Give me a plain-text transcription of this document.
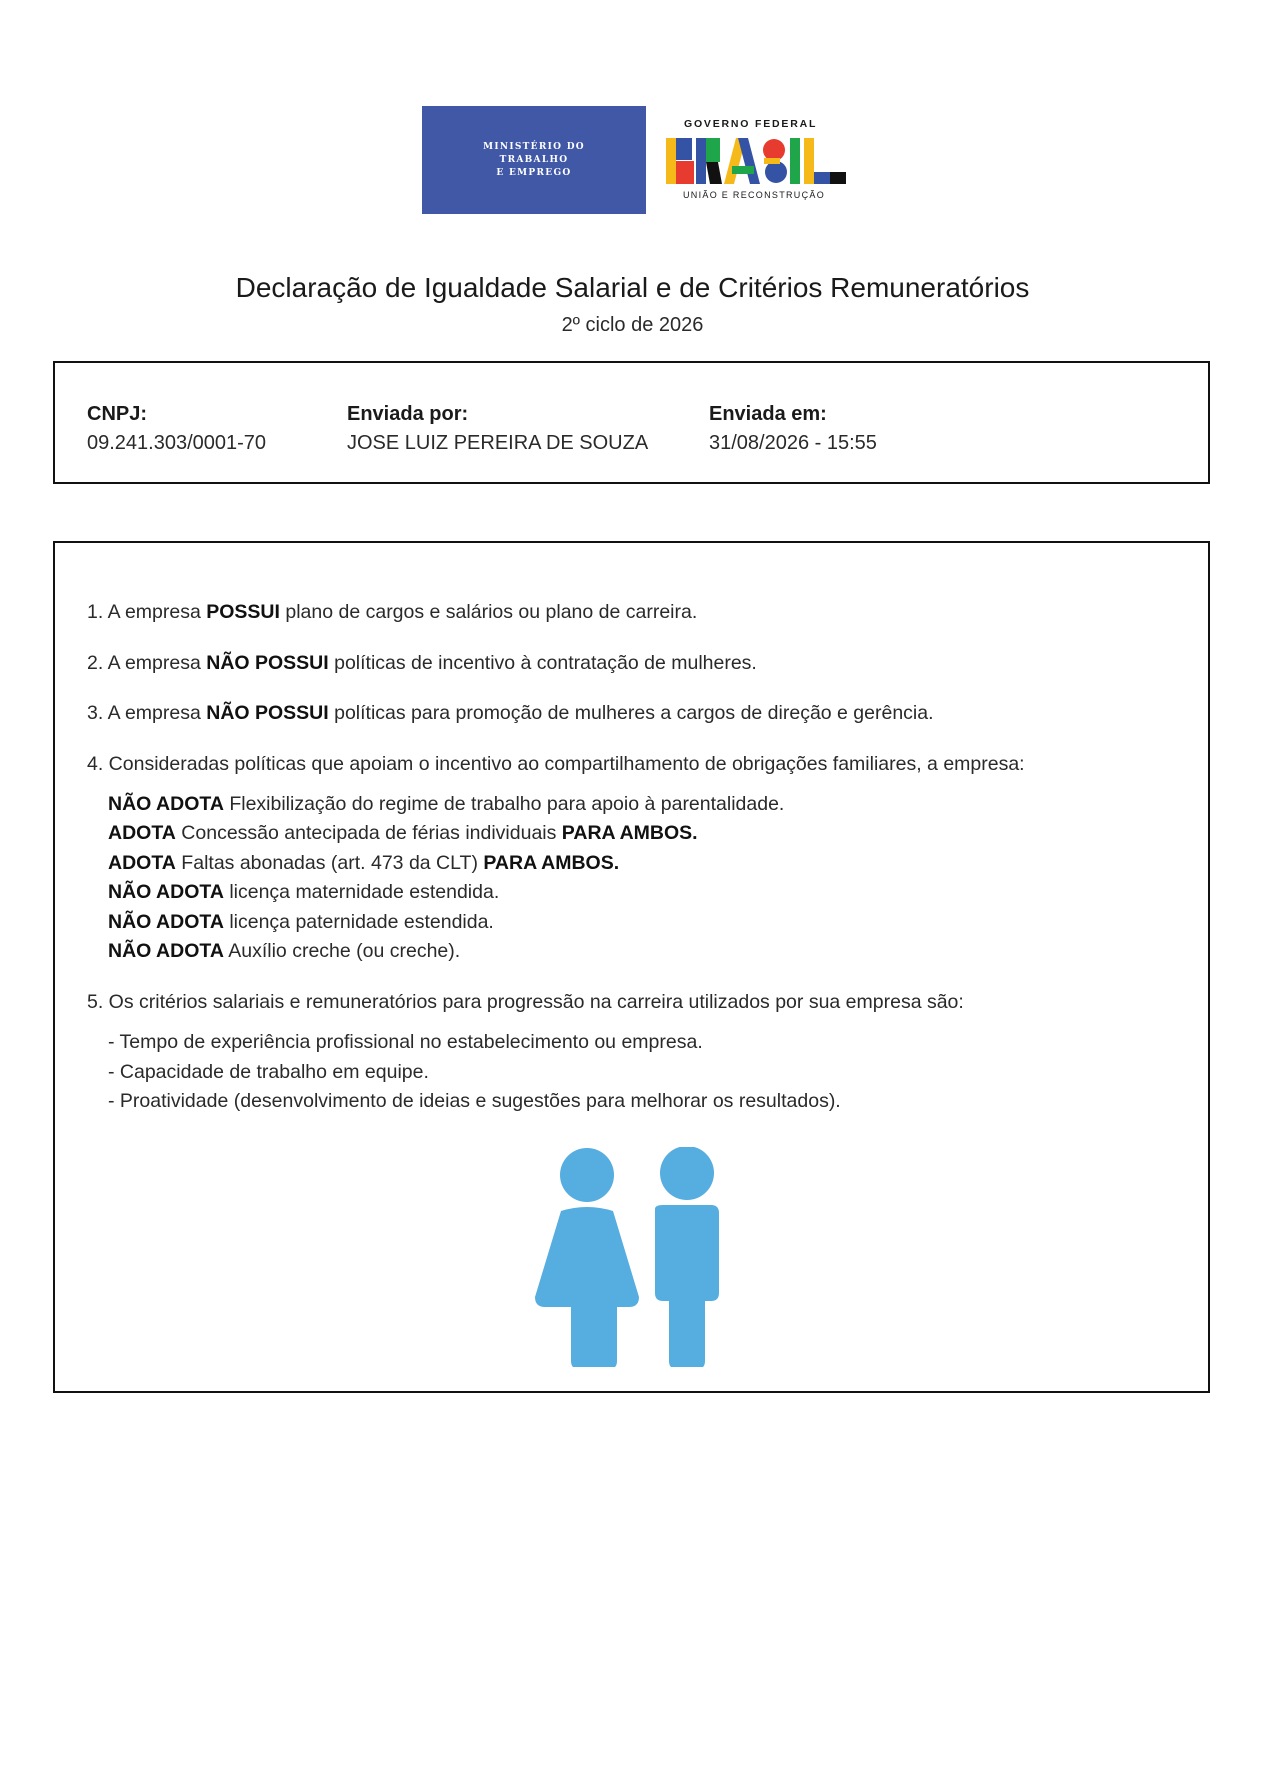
MINISTÉRIO DO
TRABALHO
E EMPREGO
GOVERNO FEDERAL
UNIÃO E RECONSTRUÇÃO
Declaração de Igualdade Salarial e de Critérios Remuneratórios
2º ciclo de 2026
CNPJ:
09.241.303/0001-70
Enviada por:
JOSE LUIZ PEREIRA DE SOUZA
Enviada em:
31/08/2026 - 15:55
1. A empresa POSSUI plano de cargos e salários ou plano de carreira.
2. A empresa NÃO POSSUI políticas de incentivo à contratação de mulheres.
3. A empresa NÃO POSSUI políticas para promoção de mulheres a cargos de direção e gerência.
4. Consideradas políticas que apoiam o incentivo ao compartilhamento de obrigações familiares, a empresa:
NÃO ADOTA Flexibilização do regime de trabalho para apoio à parentalidade.
ADOTA Concessão antecipada de férias individuais PARA AMBOS.
ADOTA Faltas abonadas (art. 473 da CLT) PARA AMBOS.
NÃO ADOTA licença maternidade estendida.
NÃO ADOTA licença paternidade estendida.
NÃO ADOTA Auxílio creche (ou creche).
5. Os critérios salariais e remuneratórios para progressão na carreira utilizados por sua empresa são:
- Tempo de experiência profissional no estabelecimento ou empresa.
- Capacidade de trabalho em equipe.
- Proatividade (desenvolvimento de ideias e sugestões para melhorar os resultados).
